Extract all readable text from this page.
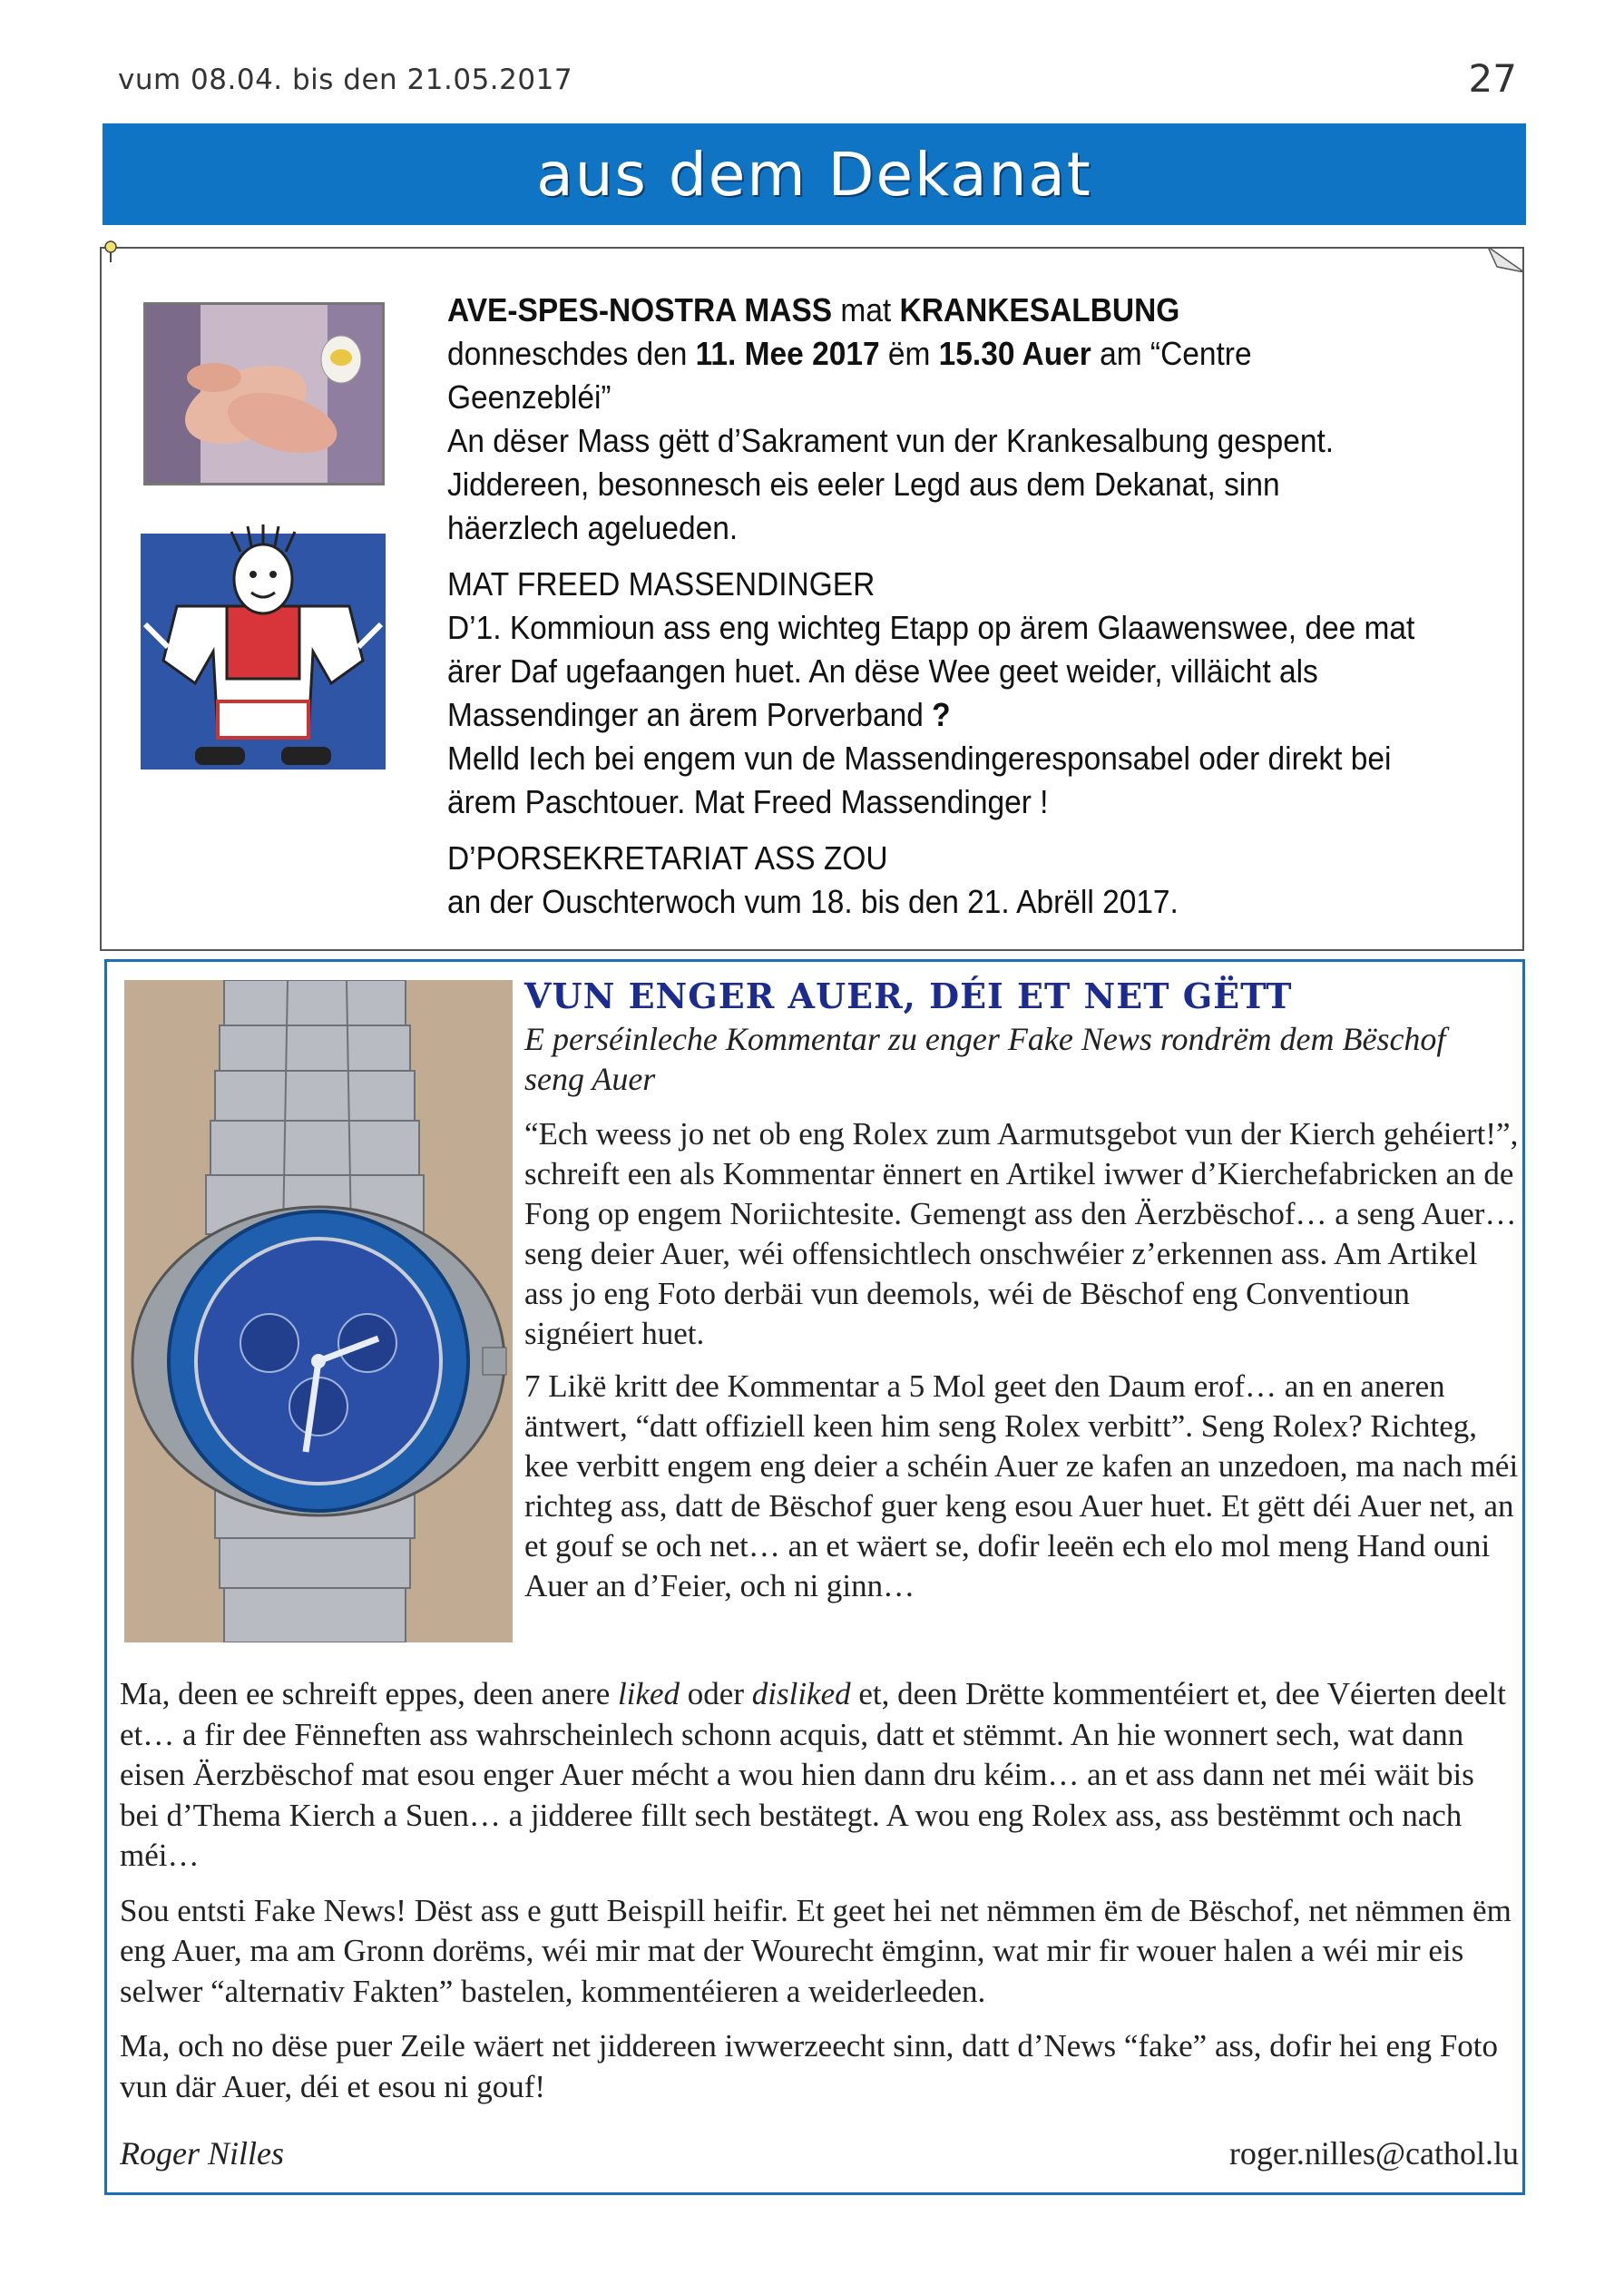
vum 08.04. bis den 21.05.2017	27
aus dem Dekanat

AVE-SPES-NOSTRA MASS mat KRANKESALBUNG
donneschdes den 11. Mee 2017 ëm 15.30 Auer am “Centre Geenzebléi”
An dëser Mass gëtt d’Sakrament vun der Krankesalbung gespent. Jiddereen, besonnesch eis eeler Legd aus dem Dekanat, sinn häerzlech agelueden.

MAT FREED MASSENDINGER
D’1. Kommioun ass eng wichteg Etapp op ärem Glaawenswee, dee mat ärer Daf ugefaangen huet. An dëse Wee geet weider, villäicht als Massendinger an ärem Porverband ?
Melld Iech bei engem vun de Massendingeresponsabel oder direkt bei ärem Paschtouer. Mat Freed Massendinger !

D’PORSEKRETARIAT ASS ZOU
an der Ouschterwoch vum 18. bis den 21. Abrëll 2017.

VUN ENGER AUER, DÉI ET NET GËTT
E perséinleche Kommentar zu enger Fake News rondrëm dem Bëschof seng Auer

“Ech weess jo net ob eng Rolex zum Aarmutsgebot vun der Kierch gehéiert!”, schreift een als Kommentar ënnert en Artikel iwwer d’Kierchefabricken an de Fong op engem Noriichtesite. Gemengt ass den Äerzbëschof… a seng Auer… seng deier Auer, wéi offensichtlech onschwéier z’erkennen ass. Am Artikel ass jo eng Foto derbäi vun deemols, wéi de Bëschof eng Conventioun signéiert huet.

7 Likë kritt dee Kommentar a 5 Mol geet den Daum erof… an en aneren äntwert, “datt offiziell keen him seng Rolex verbitt”. Seng Rolex? Richteg, kee verbitt engem eng deier a schéin Auer ze kafen an unzedoen, ma nach méi richteg ass, datt de Bëschof guer keng esou Auer huet. Et gëtt déi Auer net, an et gouf se och net… an et wäert se, dofir leeën ech elo mol meng Hand ouni Auer an d’Feier, och ni ginn…

Ma, deen ee schreift eppes, deen anere liked oder disliked et, deen Drëtte kommentéiert et, dee Véierten deelt et… a fir dee Fënneften ass wahrscheinlech schonn acquis, datt et stëmmt. An hie wonnert sech, wat dann eisen Äerzbëschof mat esou enger Auer mécht a wou hien dann dru kéim… an et ass dann net méi wäit bis bei d’Thema Kierch a Suen… a jidderee fillt sech bestätegt. A wou eng Rolex ass, ass bestëmmt och nach méi…

Sou entsti Fake News! Dëst ass e gutt Beispill heifir. Et geet hei net nëmmen ëm de Bëschof, net nëmmen ëm eng Auer, ma am Gronn dorëms, wéi mir mat der Wourecht ëmginn, wat mir fir wouer halen a wéi mir eis selwer “alternativ Fakten” bastelen, kommentéieren a weiderleeden.

Ma, och no dëse puer Zeile wäert net jiddereen iwwerzeecht sinn, datt d’News “fake” ass, dofir hei eng Foto vun där Auer, déi et esou ni gouf!

Roger Nilles	roger.nilles@cathol.lu
